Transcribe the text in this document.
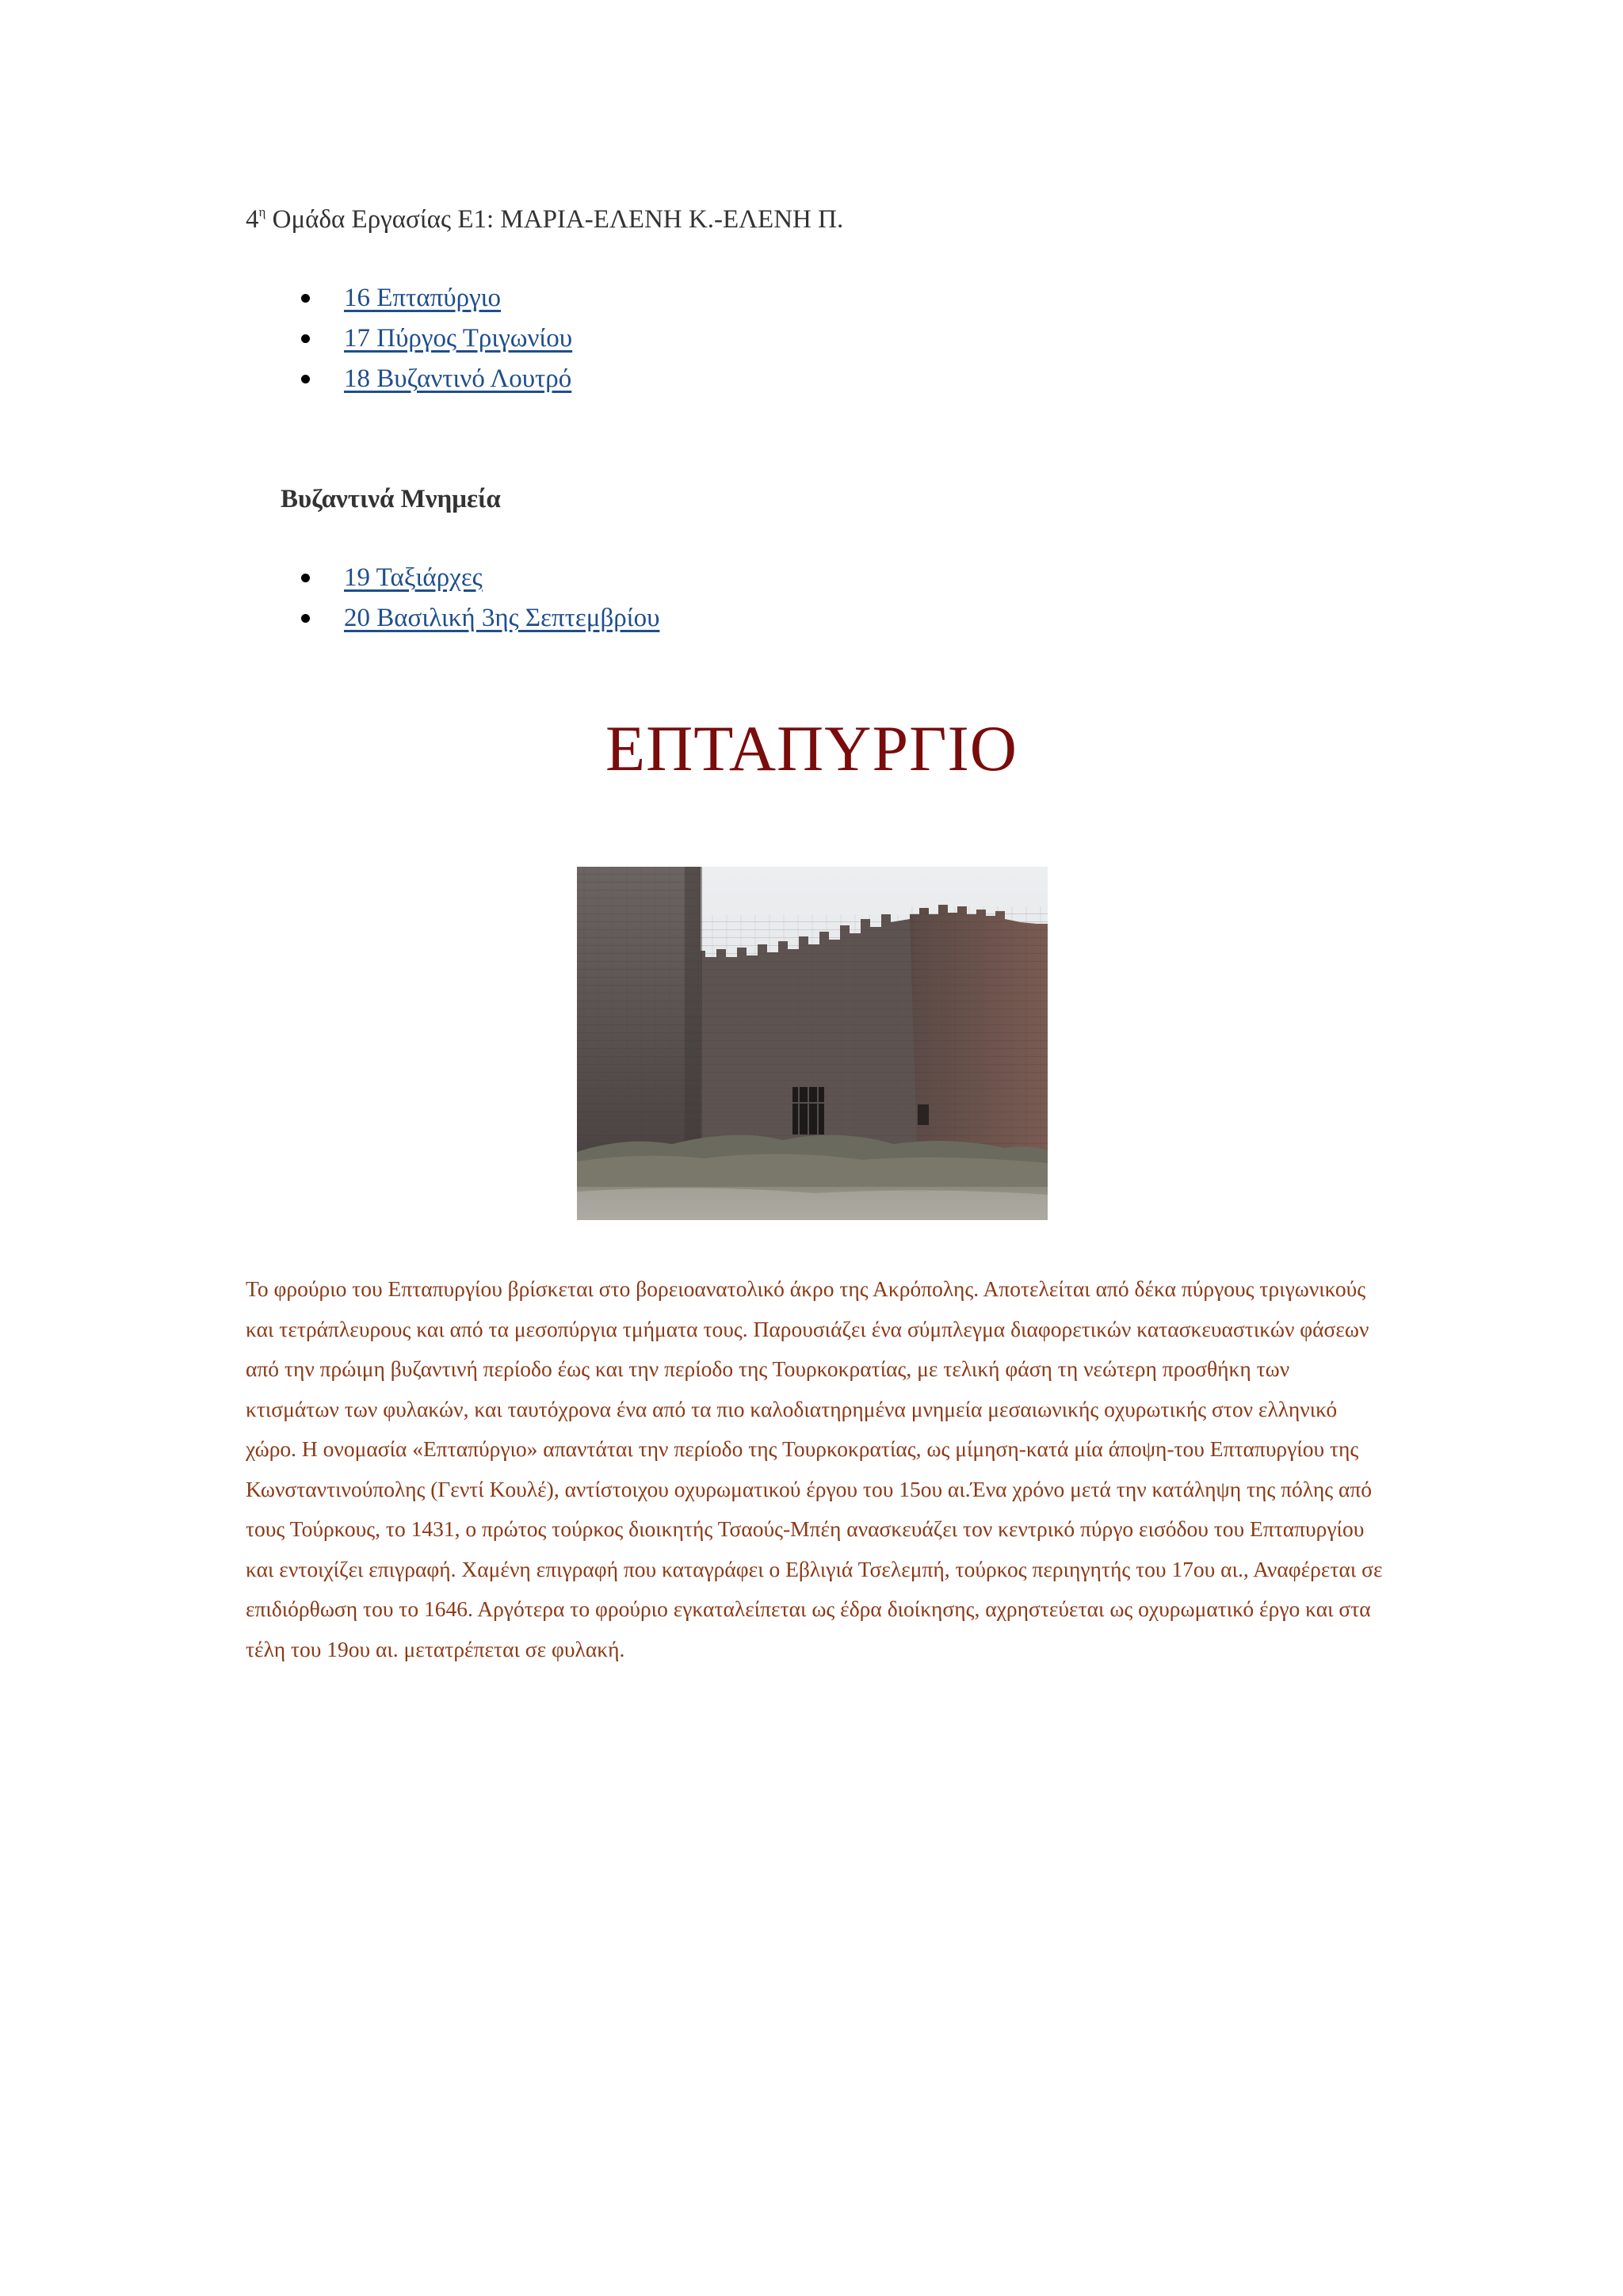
$4^\eta$ Ομάδα Εργασίας Ε1: ΜΑΡΙΑ-ΕΛΕΝΗ Κ.-ΕΛΕΝΗ Π.
16 Επταπύργιο
17 Πύργος Τριγωνίου
18 Βυζαντινό Λουτρό
Βυζαντινά Μνημεία
19 Ταξιάρχες
20 Βασιλική 3ης Σεπτεμβρίου
ΕΠΤΑΠΥΡΓΙΟ
Το φρούριο του Επταπυργίου βρίσκεται στο βορειοανατολικό άκρο της Ακρόπολης. Αποτελείται από δέκα πύργους τριγωνικούς και τετράπλευρους και από τα μεσοπύργια τμήματα τους. Παρουσιάζει ένα σύμπλεγμα διαφορετικών κατασκευαστικών φάσεων από την πρώιμη βυζαντινή περίοδο έως και την περίοδο της Τουρκοκρατίας, με τελική φάση τη νεώτερη προσθήκη των κτισμάτων των φυλακών, και ταυτόχρονα ένα από τα πιο καλοδιατηρημένα μνημεία μεσαιωνικής οχυρωτικής στον ελληνικό χώρο. Η ονομασία «Επταπύργιο» απαντάται την περίοδο της Τουρκοκρατίας, ως μίμηση-κατά μία άποψη-του Επταπυργίου της Κωνσταντινούπολης (Γεντί Κουλέ), αντίστοιχου οχυρωματικού έργου του 15ου αι.Ένα χρόνο μετά την κατάληψη της πόλης από τους Τούρκους, το 1431, ο πρώτος τούρκος διοικητής Τσαούς-Μπέη ανασκευάζει τον κεντρικό πύργο εισόδου του Επταπυργίου και εντοιχίζει επιγραφή. Χαμένη επιγραφή που καταγράφει ο Εβλιγιά Τσελεμπή, τούρκος περιηγητής του 17ου αι., Αναφέρεται σε επιδιόρθωση του το 1646. Αργότερα το φρούριο εγκαταλείπεται ως έδρα διοίκησης, αχρηστεύεται ως οχυρωματικό έργο και στα τέλη του 19ου αι. μετατρέπεται σε φυλακή.
